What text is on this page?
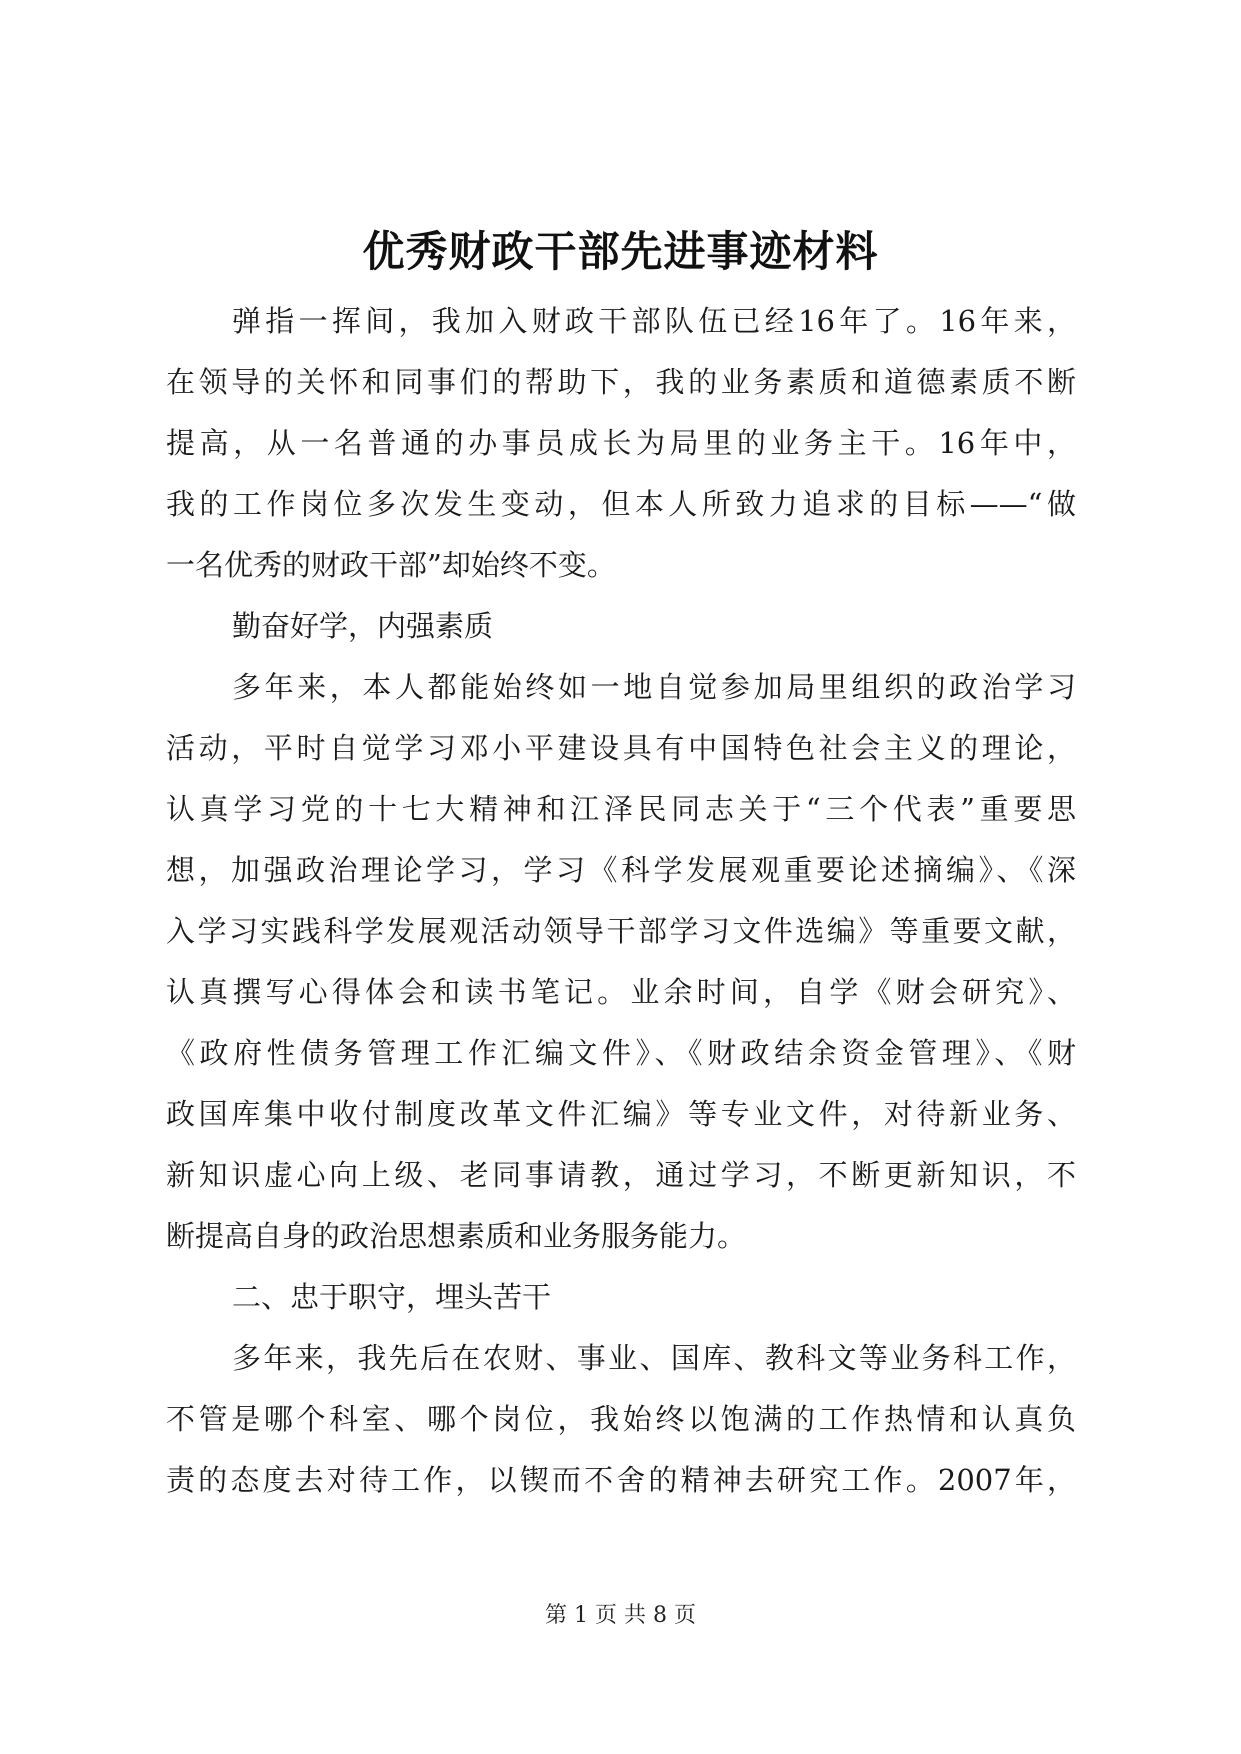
优秀财政干部先进事迹材料
弹指一挥间，我加入财政干部队伍已经16年了。16年来，
在领导的关怀和同事们的帮助下，我的业务素质和道德素质不断
提高，从一名普通的办事员成长为局里的业务主干。16年中，
我的工作岗位多次发生变动，但本人所致力追求的目标——“做
一名优秀的财政干部”却始终不变。
勤奋好学，内强素质
多年来，本人都能始终如一地自觉参加局里组织的政治学习
活动，平时自觉学习邓小平建设具有中国特色社会主义的理论，
认真学习党的十七大精神和江泽民同志关于“三个代表”重要思
想，加强政治理论学习，学习《科学发展观重要论述摘编》、《深
入学习实践科学发展观活动领导干部学习文件选编》等重要文献，
认真撰写心得体会和读书笔记。业余时间，自学《财会研究》、
《政府性债务管理工作汇编文件》、《财政结余资金管理》、《财
政国库集中收付制度改革文件汇编》等专业文件，对待新业务、
新知识虚心向上级、老同事请教，通过学习，不断更新知识，不
断提高自身的政治思想素质和业务服务能力。
二、忠于职守，埋头苦干
多年来，我先后在农财、事业、国库、教科文等业务科工作，
不管是哪个科室、哪个岗位，我始终以饱满的工作热情和认真负
责的态度去对待工作，以锲而不舍的精神去研究工作。2007年，
第 1 页 共 8 页
